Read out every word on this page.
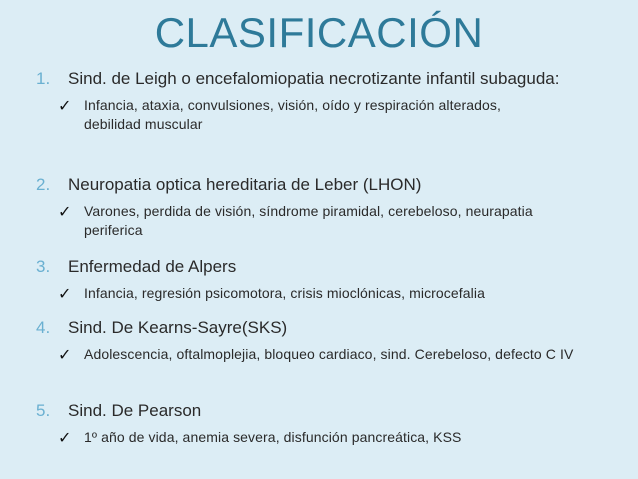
CLASIFICACIÓN
1.	Sind. de Leigh o encefalomiopatia necrotizante infantil subaguda:
✓ Infancia, ataxia, convulsiones, visión, oído y respiración alterados, debilidad muscular
2.	Neuropatia optica hereditaria de Leber (LHON)
✓ Varones, perdida de visión, síndrome piramidal, cerebeloso, neurapatia periferica
3.	Enfermedad de Alpers
✓ Infancia, regresión psicomotora, crisis mioclónicas, microcefalia
4.	Sind. De Kearns-Sayre(SKS)
✓ Adolescencia, oftalmoplejia, bloqueo cardiaco, sind. Cerebeloso, defecto C IV
5.	Sind. De Pearson
✓ 1º año de vida, anemia severa, disfunción pancreática, KSS
